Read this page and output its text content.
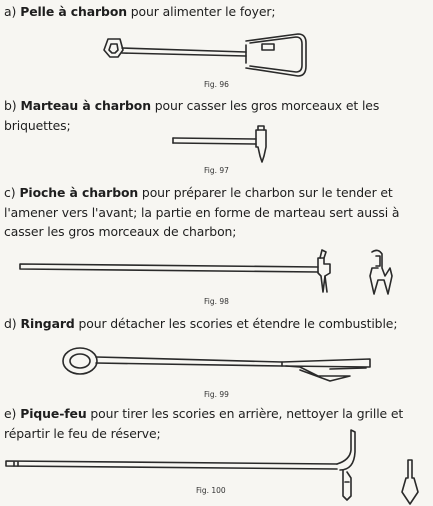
a) Pelle à charbon pour alimenter le foyer;
Fig. 96
b) Marteau à charbon pour casser les gros morceaux et les briquettes;
Fig. 97
c) Pioche à charbon pour préparer le charbon sur le tender et l'amener vers l'avant; la partie en forme de marteau sert aussi à casser les gros morceaux de charbon;
Fig. 98
d) Ringard pour détacher les scories et étendre le combustible;
Fig. 99
e) Pique-feu pour tirer les scories en arrière, nettoyer la grille et répartir le feu de réserve;
Fig. 100
